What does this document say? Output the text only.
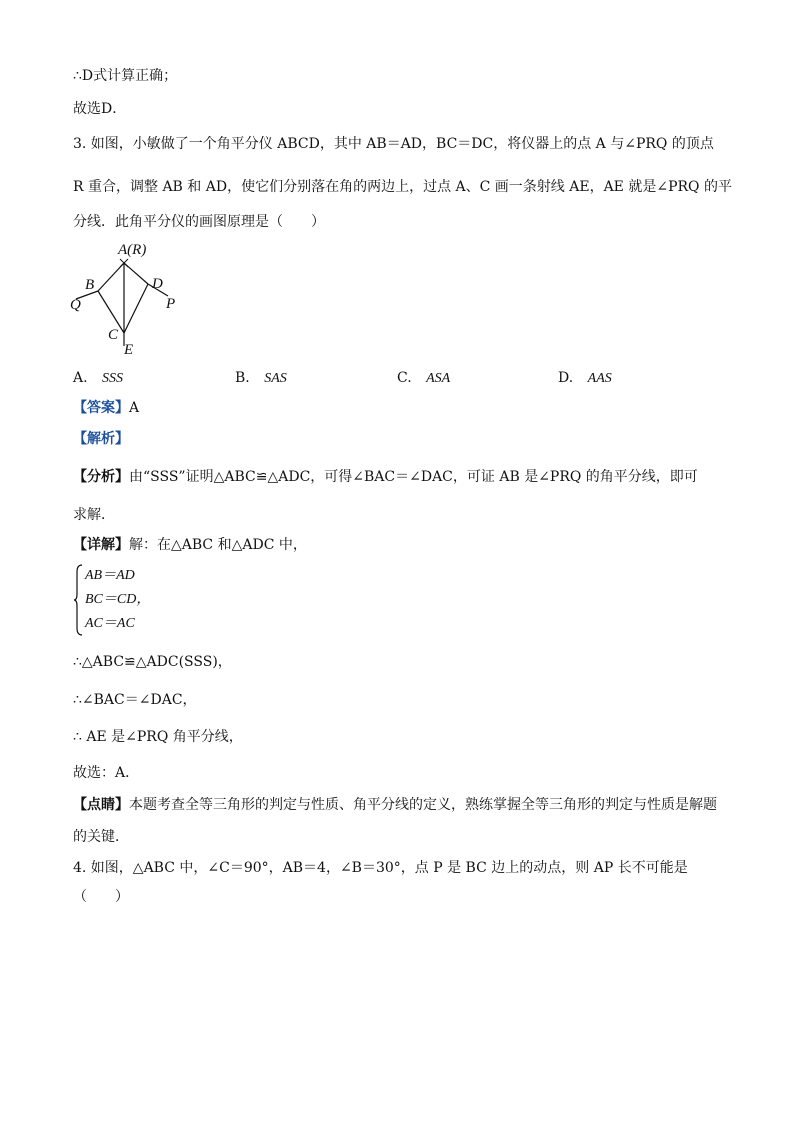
∴D式计算正确；
故选D．
3. 如图，小敏做了一个角平分仪 ABCD，其中 AB＝AD，BC＝DC，将仪器上的点 A 与∠PRQ 的顶点
R 重合，调整 AB 和 AD，使它们分别落在角的两边上，过点 A、C 画一条射线 AE，AE 就是∠PRQ 的平
分线．此角平分仪的画图原理是（　　）
A(R)
B
Q
D
P
C
E
A. SSS	B. SAS	C. ASA	D. AAS
【答案】A
【解析】
【分析】由“SSS”证明△ABC≌△ADC，可得∠BAC＝∠DAC，可证 AB 是∠PRQ 的角平分线，即可
求解．
【详解】解：在△ABC 和△ADC 中，
AB＝AD
BC＝CD，
AC＝AC
∴△ABC≌△ADC(SSS)，
∴∠BAC＝∠DAC，
∴ AE 是∠PRQ 角平分线，
故选：A．
【点睛】本题考查全等三角形的判定与性质、角平分线的定义，熟练掌握全等三角形的判定与性质是解题
的关键．
4. 如图，△ABC 中，∠C＝90°，AB＝4，∠B＝30°，点 P 是 BC 边上的动点，则 AP 长不可能是
（　　）
